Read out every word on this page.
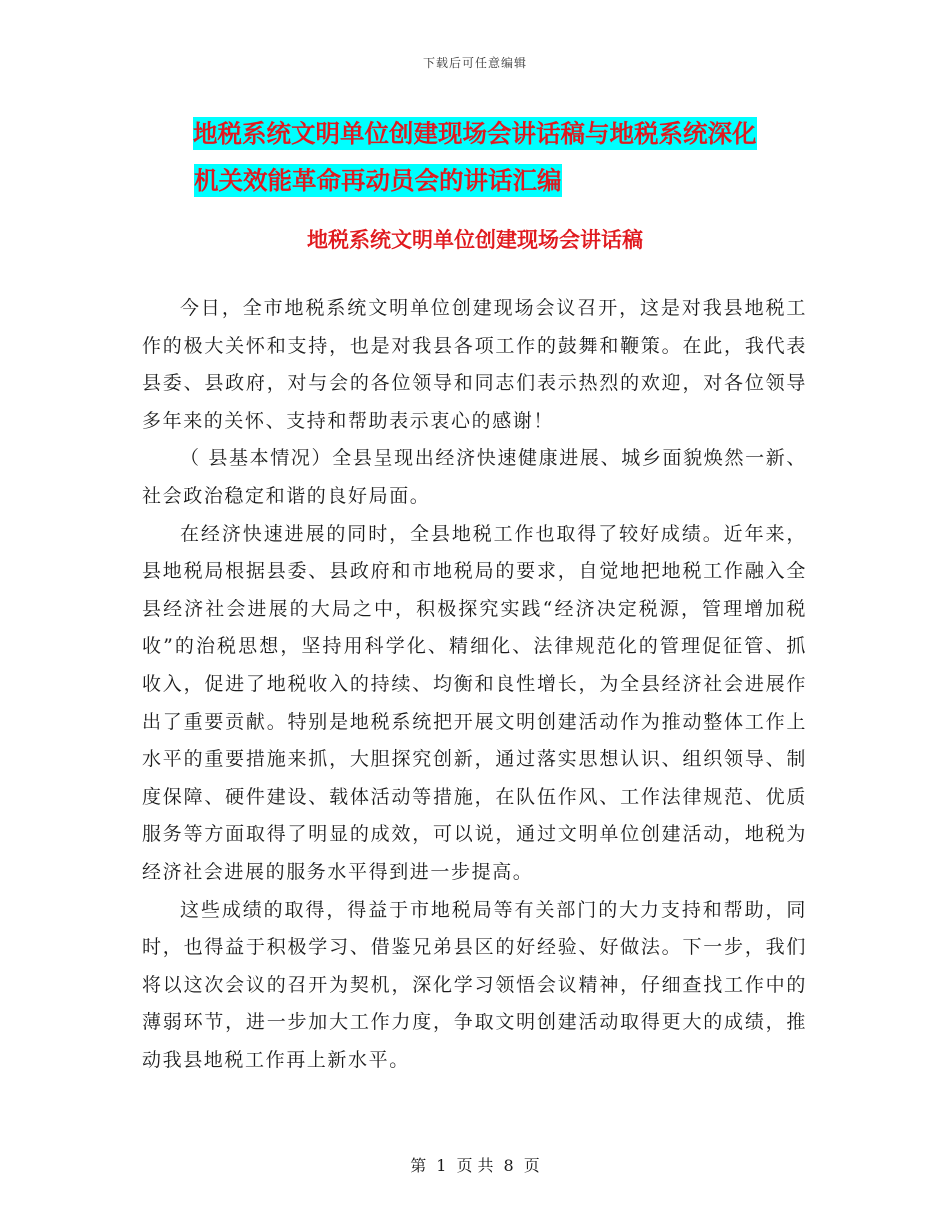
下载后可任意编辑
地税系统文明单位创建现场会讲话稿与地税系统深化
机关效能革命再动员会的讲话汇编
地税系统文明单位创建现场会讲话稿

今日，全市地税系统文明单位创建现场会议召开，这是对我县地税工作的极大关怀和支持，也是对我县各项工作的鼓舞和鞭策。在此，我代表县委、县政府，对与会的各位领导和同志们表示热烈的欢迎，对各位领导多年来的关怀、支持和帮助表示衷心的感谢！

（ 县基本情况）全县呈现出经济快速健康进展、城乡面貌焕然一新、社会政治稳定和谐的良好局面。

在经济快速进展的同时，全县地税工作也取得了较好成绩。近年来，县地税局根据县委、县政府和市地税局的要求，自觉地把地税工作融入全县经济社会进展的大局之中，积极探究实践“经济决定税源，管理增加税收”的治税思想，坚持用科学化、精细化、法律规范化的管理促征管、抓收入，促进了地税收入的持续、均衡和良性增长，为全县经济社会进展作出了重要贡献。特别是地税系统把开展文明创建活动作为推动整体工作上水平的重要措施来抓，大胆探究创新，通过落实思想认识、组织领导、制度保障、硬件建设、载体活动等措施，在队伍作风、工作法律规范、优质服务等方面取得了明显的成效，可以说，通过文明单位创建活动，地税为经济社会进展的服务水平得到进一步提高。

这些成绩的取得，得益于市地税局等有关部门的大力支持和帮助，同时，也得益于积极学习、借鉴兄弟县区的好经验、好做法。下一步，我们将以这次会议的召开为契机，深化学习领悟会议精神，仔细查找工作中的薄弱环节，进一步加大工作力度，争取文明创建活动取得更大的成绩，推动我县地税工作再上新水平。

第 1 页 共 8 页
